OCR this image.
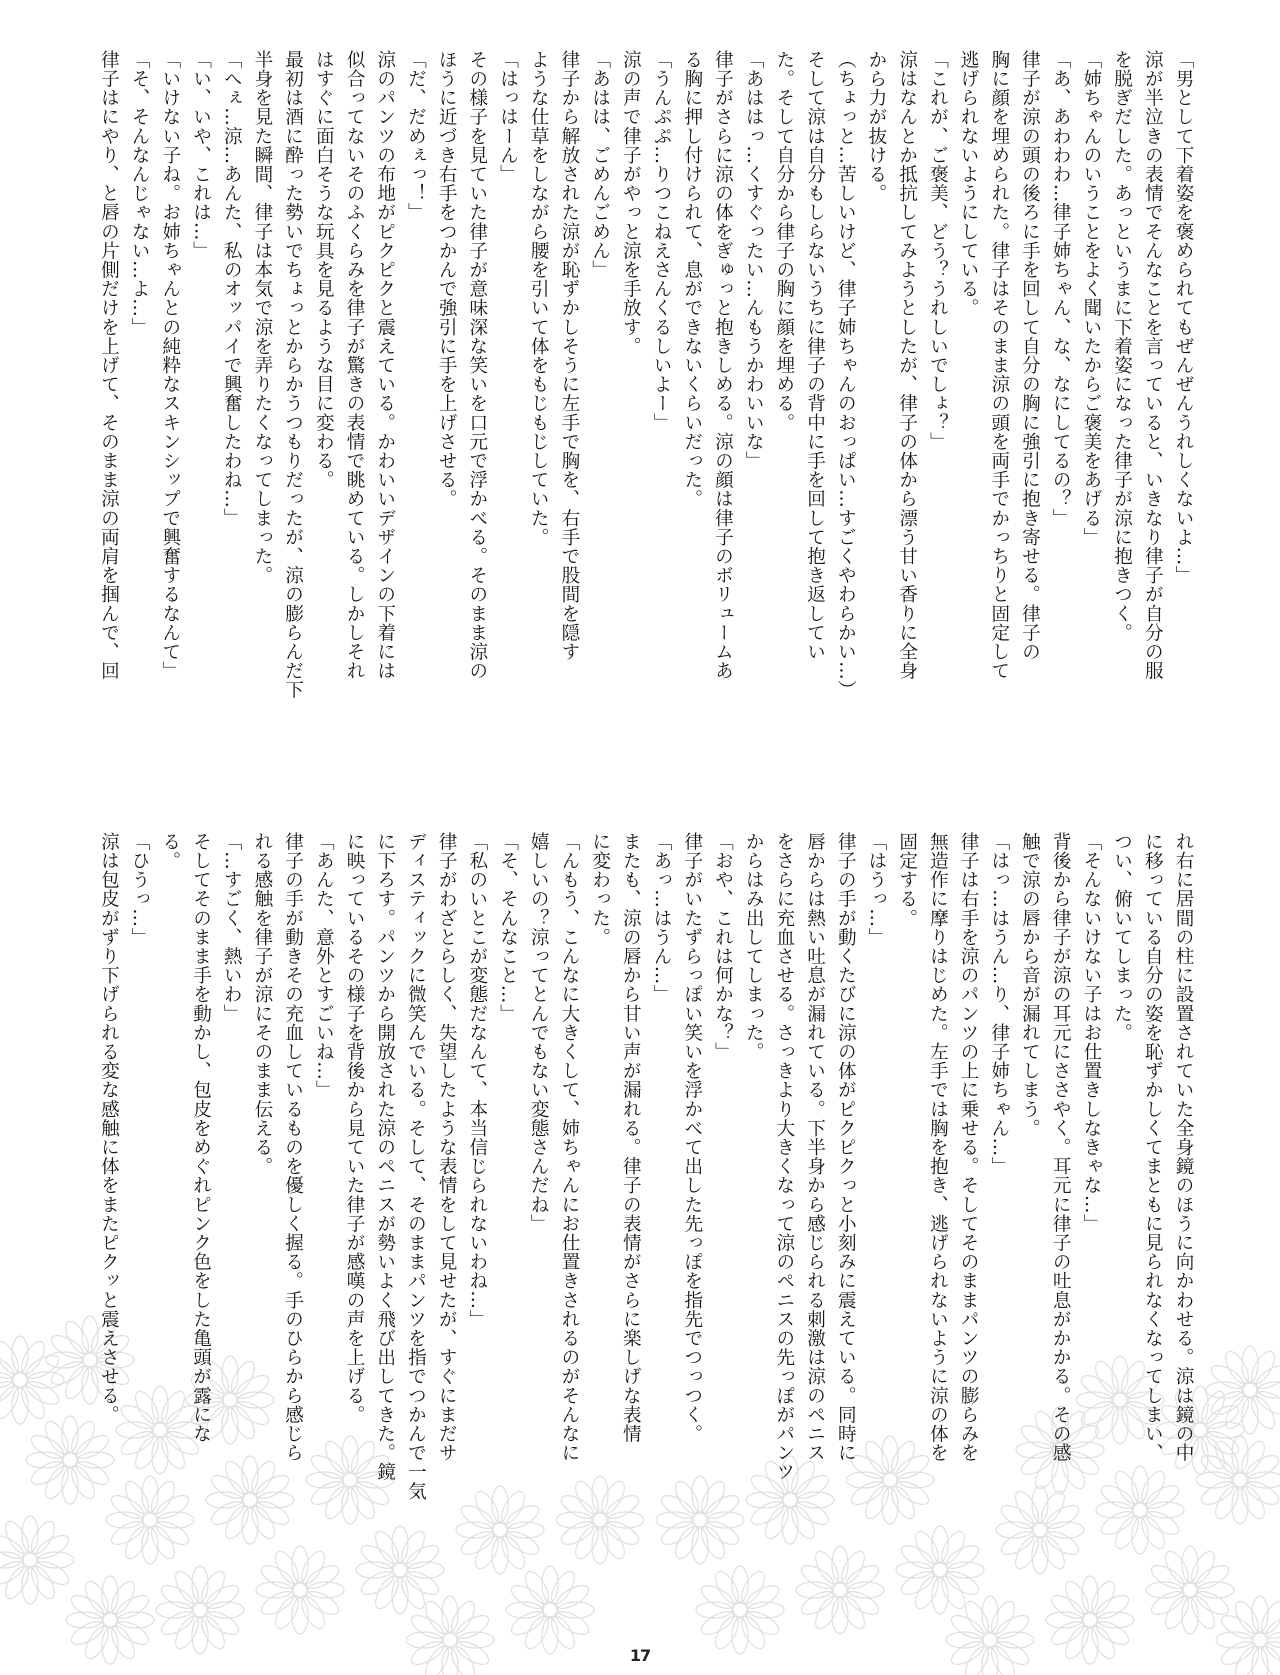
「男として下着姿を褒められてもぜんぜんうれしくないよ…」
涼が半泣きの表情でそんなことを言っていると、いきなり律子が自分の服
を脱ぎだした。あっというまに下着姿になった律子が涼に抱きつく。
「姉ちゃんのいうことをよく聞いたからご褒美をあげる」
「あ、あわわわ…律子姉ちゃん、な、なにしてるの？」
律子が涼の頭の後ろに手を回して自分の胸に強引に抱き寄せる。律子の
胸に顔を埋められた。律子はそのまま涼の頭を両手でかっちりと固定して
逃げられないようにしている。
「これが、ご褒美、どう？うれしいでしょ？」
涼はなんとか抵抗してみようとしたが、律子の体から漂う甘い香りに全身
から力が抜ける。
（ちょっと…苦しいけど、律子姉ちゃんのおっぱい…すごくやわらかい…）
そして涼は自分もしらないうちに律子の背中に手を回して抱き返してい
た。そして自分から律子の胸に顔を埋める。
「あははっ…くすぐったい…んもうかわいいな」
律子がさらに涼の体をぎゅっと抱きしめる。涼の顔は律子のボリュームあ
る胸に押し付けられて、息ができないくらいだった。
「うんぷぷ…りつこねえさんくるしいよー」
涼の声で律子がやっと涼を手放す。
「あはは、ごめんごめん」
律子から解放された涼が恥ずかしそうに左手で胸を、右手で股間を隠す
ような仕草をしながら腰を引いて体をもじもじしていた。
「はっはーん」
その様子を見ていた律子が意味深な笑いを口元で浮かべる。そのまま涼の
ほうに近づき右手をつかんで強引に手を上げさせる。
「だ、だめぇっ！」
涼のパンツの布地がピクピクと震えている。かわいいデザインの下着には
似合ってないそのふくらみを律子が驚きの表情で眺めている。しかしそれ
はすぐに面白そうな玩具を見るような目に変わる。
最初は酒に酔った勢いでちょっとからかうつもりだったが、涼の膨らんだ下
半身を見た瞬間、律子は本気で涼を弄りたくなってしまった。
「へぇ…涼…あんた、私のオッパイで興奮したわね…」
「い、いや、これは…」
「いけない子ね。お姉ちゃんとの純粋なスキンシップで興奮するなんて」
「そ、そんなんじゃない…よ…」
律子はにやり、と唇の片側だけを上げて、そのまま涼の両肩を掴んで、回
れ右に居間の柱に設置されていた全身鏡のほうに向かわせる。涼は鏡の中
に移っている自分の姿を恥ずかしくてまともに見られなくなってしまい、
つい、俯いてしまった。
「そんないけない子はお仕置きしなきゃな…」
背後から律子が涼の耳元にささやく。耳元に律子の吐息がかかる。その感
触で涼の唇から音が漏れてしまう。
「はっ…はうん…り、律子姉ちゃん…」
律子は右手を涼のパンツの上に乗せる。そしてそのままパンツの膨らみを
無造作に摩りはじめた。左手では胸を抱き、逃げられないように涼の体を
固定する。
「はうっ…」
律子の手が動くたびに涼の体がピクピクっと小刻みに震えている。同時に
唇からは熱い吐息が漏れている。下半身から感じられる刺激は涼のペニス
をさらに充血させる。さっきより大きくなって涼のペニスの先っぽがパンツ
からはみ出してしまった。
「おや、これは何かな？」
律子がいたずらっぽい笑いを浮かべて出した先っぽを指先でつっつく。
「あっ…はうん…」
またも、涼の唇から甘い声が漏れる。律子の表情がさらに楽しげな表情
に変わった。
「んもう、こんなに大きくして、姉ちゃんにお仕置きされるのがそんなに
嬉しいの？涼ってとんでもない変態さんだね」
「そ、そんなこと…」
「私のいとこが変態だなんて、本当信じられないわね…」
律子がわざとらしく、失望したような表情をして見せたが、すぐにまだサ
ディスティックに微笑んでいる。そして、そのままパンツを指でつかんで一気
に下ろす。パンツから開放された涼のペニスが勢いよく飛び出してきた。鏡
に映っているその様子を背後から見ていた律子が感嘆の声を上げる。
「あんた、意外とすごいね…」
律子の手が動きその充血しているものを優しく握る。手のひらから感じら
れる感触を律子が涼にそのまま伝える。
「…すごく、熱いわ」
そしてそのまま手を動かし、包皮をめぐれピンク色をした亀頭が露にな
る。
「ひうっ…」
涼は包皮がずり下げられる変な感触に体をまたピクッと震えさせる。
17
